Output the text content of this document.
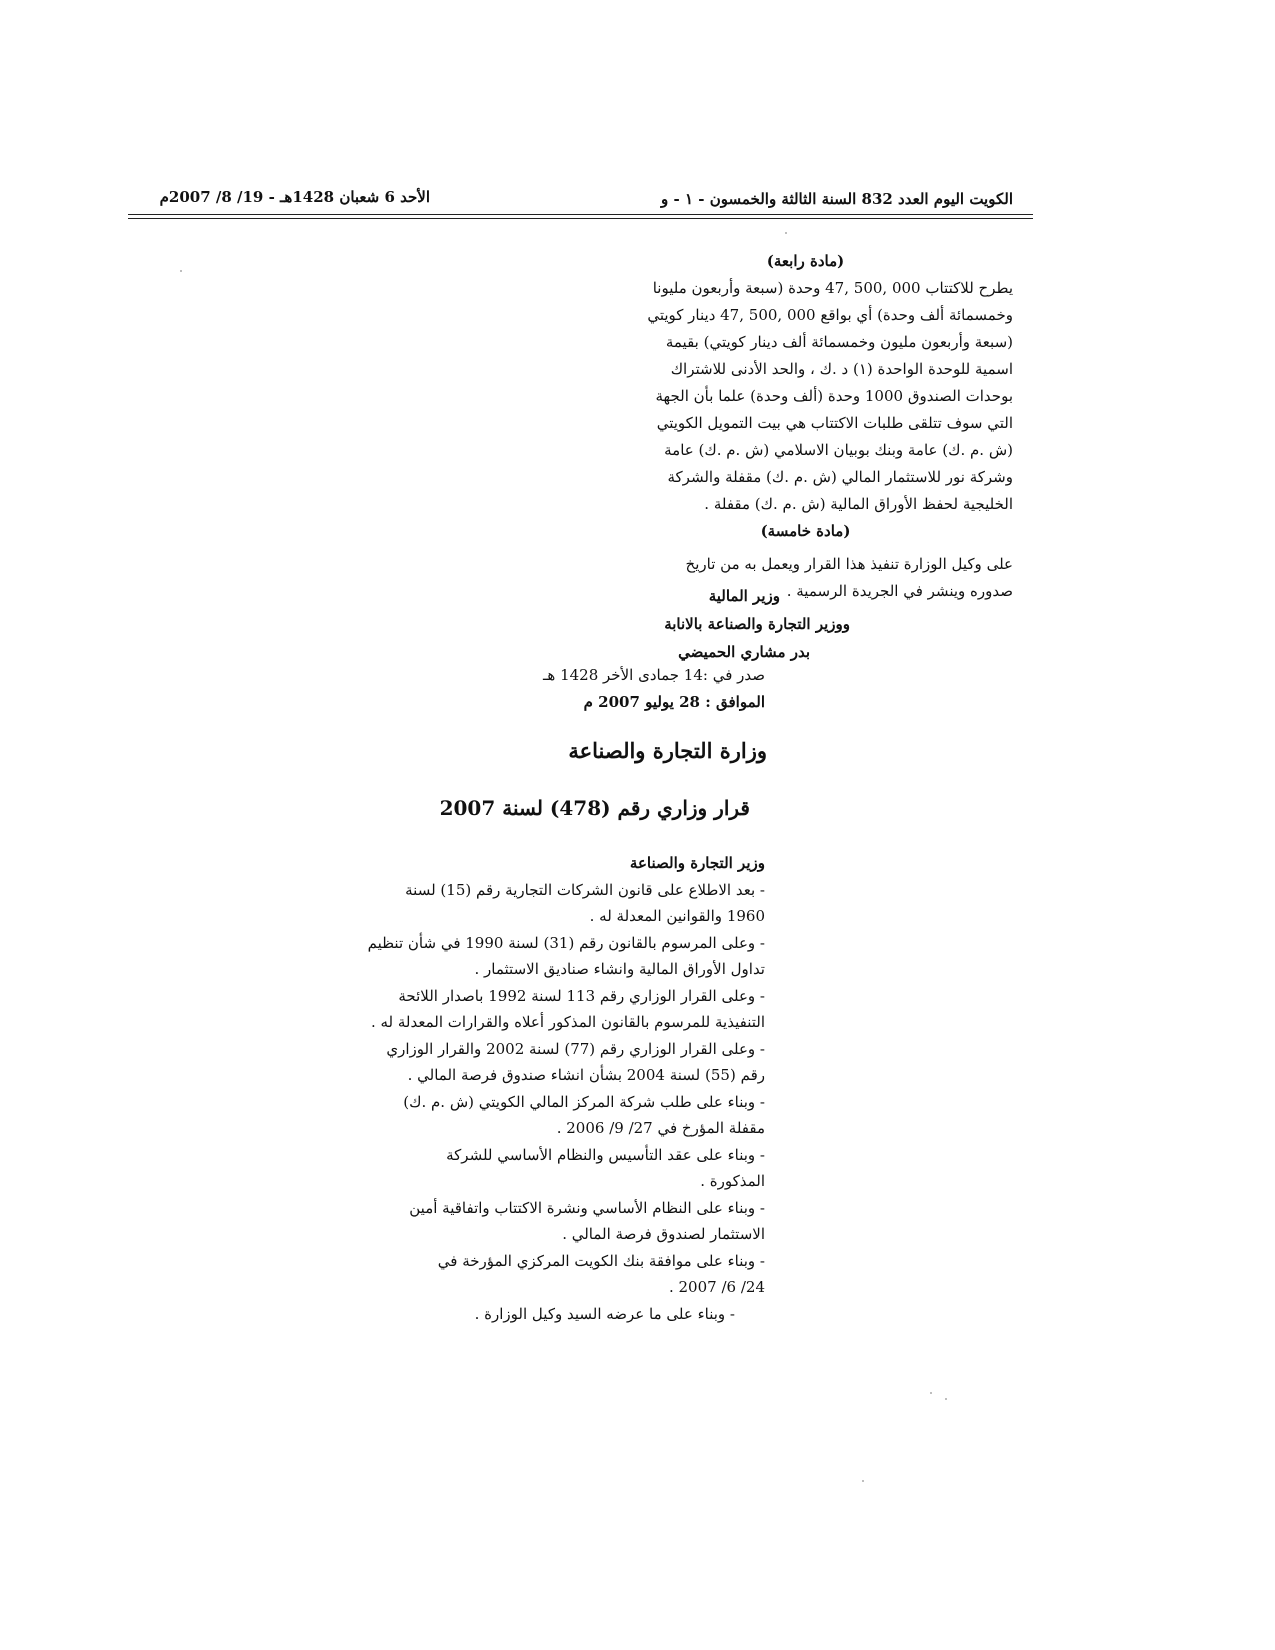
الكويت اليوم العدد 832 السنة الثالثة والخمسون - ١ - و
الأحد 6 شعبان 1428هـ - 19/ 8/ 2007م

(مادة رابعة)

يطرح للاكتتاب 000 ,500 ,47 وحدة (سبعة وأربعون مليونا

وخمسمائة ألف وحدة) أي بواقع 000 ,500 ,47 دينار كويتي

(سبعة وأربعون مليون وخمسمائة ألف دينار كويتي) بقيمة

اسمية للوحدة الواحدة (١) د .ك ، والحد الأدنى للاشتراك

بوحدات الصندوق 1000 وحدة (ألف وحدة) علما بأن الجهة

التي سوف تتلقى طلبات الاكتتاب هي بيت التمويل الكويتي

(ش .م .ك) عامة وبنك بوبيان الاسلامي (ش .م .ك) عامة

وشركة نور للاستثمار المالي (ش .م .ك) مقفلة والشركة

الخليجية لحفظ الأوراق المالية (ش .م .ك) مقفلة .

(مادة خامسة)

على وكيل الوزارة تنفيذ هذا القرار ويعمل به من تاريخ

صدوره وينشر في الجريدة الرسمية .

وزير المالية

ووزير التجارة والصناعة بالانابة

بدر مشاري الحميضي

صدر في :14 جمادى الأخر 1428 هـ

الموافق : 28 يوليو 2007 م

وزارة التجارة والصناعة
قرار وزاري رقم (478) لسنة 2007

وزير التجارة والصناعة

- بعد الاطلاع على قانون الشركات التجارية رقم (15) لسنة

1960 والقوانين المعدلة له .

- وعلى المرسوم بالقانون رقم (31) لسنة 1990 في شأن تنظيم

تداول الأوراق المالية وانشاء صناديق الاستثمار .

- وعلى القرار الوزاري رقم 113 لسنة 1992 باصدار اللائحة

التنفيذية للمرسوم بالقانون المذكور أعلاه والقرارات المعدلة له .

- وعلى القرار الوزاري رقم (77) لسنة 2002 والقرار الوزاري

رقم (55) لسنة 2004 بشأن انشاء صندوق فرصة المالي .

- وبناء على طلب شركة المركز المالي الكويتي (ش .م .ك)

مقفلة المؤرخ في 27/ 9/ 2006 .

- وبناء على عقد التأسيس والنظام الأساسي للشركة

المذكورة .

- وبناء على النظام الأساسي ونشرة الاكتتاب واتفاقية أمين

الاستثمار لصندوق فرصة المالي .

- وبناء على موافقة بنك الكويت المركزي المؤرخة في

24/ 6/ 2007 .

- وبناء على ما عرضه السيد وكيل الوزارة .
